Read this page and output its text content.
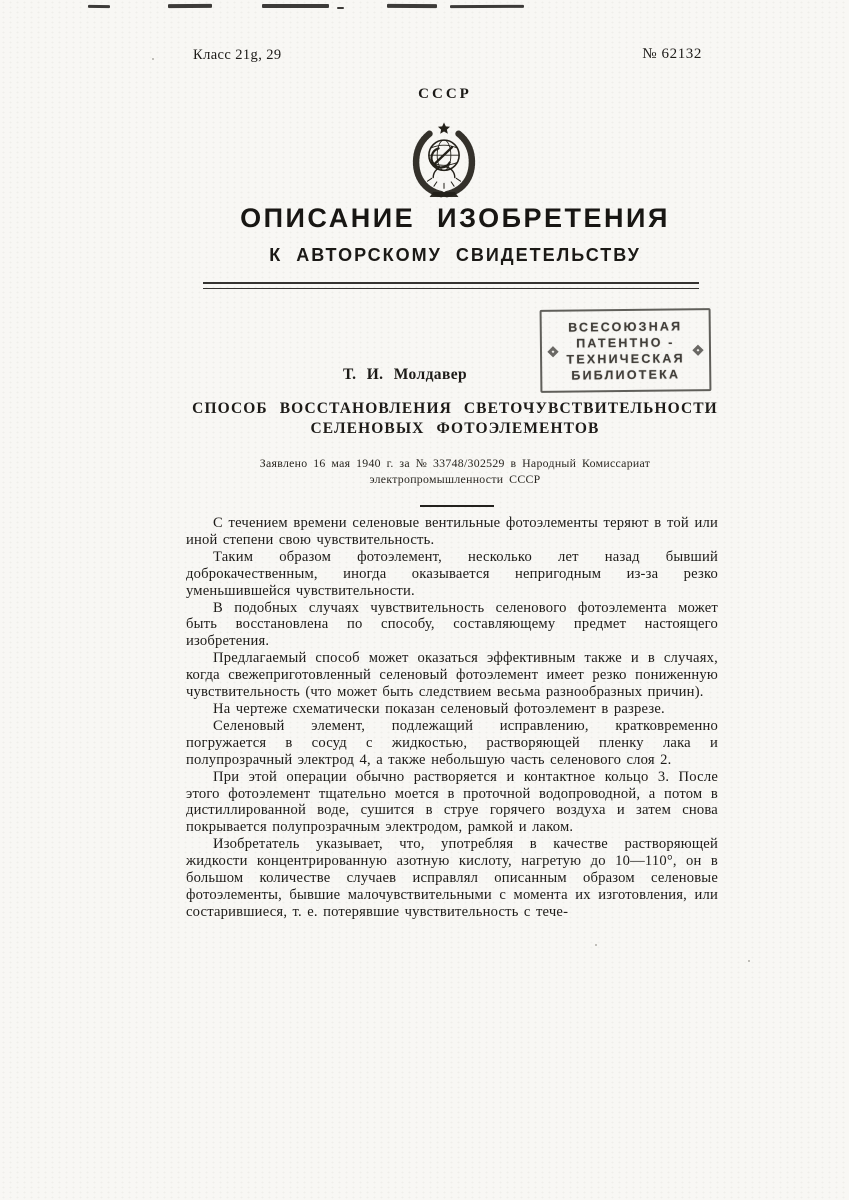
Класс 21g, 29	№ 62132
СССР
ОПИСАНИЕ ИЗОБРЕТЕНИЯ
К АВТОРСКОМУ СВИДЕТЕЛЬСТВУ
ВСЕСОЮЗНАЯ
ПАТЕНТНО -
ТЕХНИЧЕСКАЯ
БИБЛИОТЕКА
Т. И. Молдавер
СПОСОБ ВОССТАНОВЛЕНИЯ СВЕТОЧУВСТВИТЕЛЬНОСТИ
СЕЛЕНОВЫХ ФОТОЭЛЕМЕНТОВ
Заявлено 16 мая 1940 г. за № 33748/302529 в Народный Комиссариат
электропромышленности СССР

С течением времени селеновые вентильные фотоэлементы теряют в той или иной степени свою чувствительность.

Таким образом фотоэлемент, несколько лет назад бывший доброкачественным, иногда оказывается непригодным из-за резко уменьшившейся чувствительности.

В подобных случаях чувствительность селенового фотоэлемента может быть восстановлена по способу, составляющему предмет настоящего изобретения.

Предлагаемый способ может оказаться эффективным также и в случаях, когда свежеприготовленный селеновый фотоэлемент имеет резко пониженную чувствительность (что может быть следствием весьма разнообразных причин).

На чертеже схематически показан селеновый фотоэлемент в разрезе.

Селеновый элемент, подлежащий исправлению, кратковременно погружается в сосуд с жидкостью, растворяющей пленку лака и полупрозрачный электрод 4, а также небольшую часть селенового слоя 2.

При этой операции обычно растворяется и контактное кольцо 3. После этого фотоэлемент тщательно моется в проточной водопроводной, а потом в дистиллированной воде, сушится в струе горячего воздуха и затем снова покрывается полупрозрачным электродом, рамкой и лаком.

Изобретатель указывает, что, употребляя в качестве растворяющей жидкости концентрированную азотную кислоту, нагретую до 10—110°, он в большом количестве случаев исправлял описанным образом селеновые фотоэлементы, бывшие малочувствительными с момента их изготовления, или состарившиеся, т. е. потерявшие чувствительность с тече-
